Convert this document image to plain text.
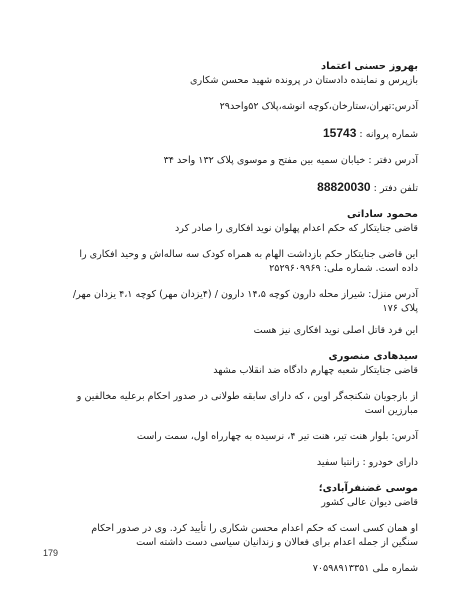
بهروز حسنی اعتماد

بازپرس و نماینده دادستان در پرونده شهید محسن شکاری

آدرس:تهران،ستارخان،کوچه انوشه،پلاک ۵۲واحد۲۹

شماره پروانه : 15743

آدرس دفتر : خیابان سمیه بین مفتح و موسوی پلاک ۱۳۲ واحد ۳۴

تلفن دفتر : 88820030

محمود ساداتی

قاضی جنایتکار که حکم اعدام پهلوان نوید افکاری را صادر کرد

این قاضی جنایتکار حکم بازداشت الهام به همراه کودک سه ساله‌اش و وحید افکاری را داده است. شماره ملی: ۲۵۲۹۶۰۹۹۶۹

آدرس منزل: شیراز محله دارون کوچه ۱۴،۵ دارون / (۴یزدان مهر) کوچه ۴،۱ یزدان مهر/ پلاک ۱۷۶

این فرد قاتل اصلی نوید افکاری نیز هست

سیدهادی منصوری

قاضی جنایتکار شعبه چهارم دادگاه ضد انقلاب مشهد

از بازجویان شکنجه‌گر اوین ، که دارای سابقه طولانی در صدور احکام برعلیه مخالفین و مبارزین است

آدرس: بلوار هنت تیر، هنت تیر ۴، نرسیده به چهارراه اول، سمت راست

دارای خودرو : زانتیا سفید

موسی غضنفرآبادی؛

قاضی دیوان عالی کشور

او همان کسی است که حکم اعدام محسن شکاری را تأیید کرد. وی در صدور احکام سنگین از جمله اعدام برای فعالان و زندانیان سیاسی دست داشته است

شماره ملی ۷۰۵۹۸۹۱۳۳۵۱

179
